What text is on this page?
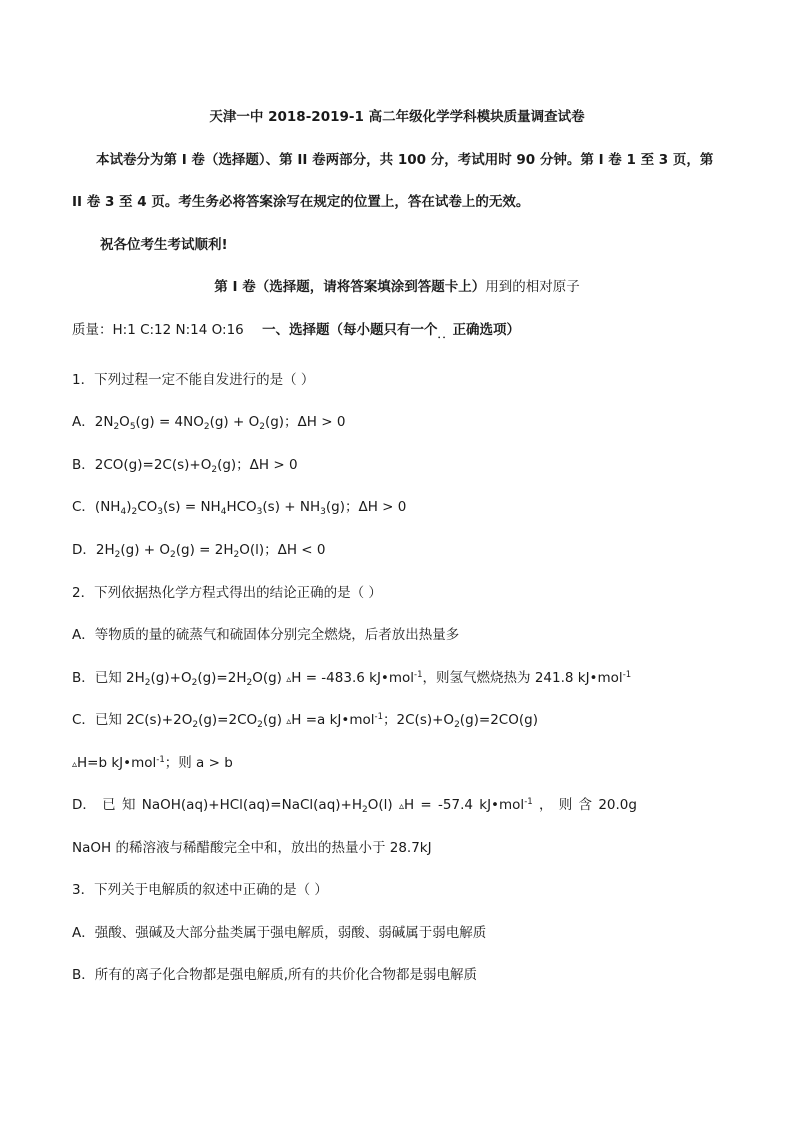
天津一中 2018-2019-1 高二年级化学学科模块质量调查试卷
本试卷分为第 I 卷（选择题）、第 II 卷两部分，共 100 分，考试用时 90 分钟。第 I 卷 1 至 3 页，第
II 卷 3 至 4 页。考生务必将答案涂写在规定的位置上，答在试卷上的无效。
祝各位考生考试顺利!
第 I 卷（选择题，请将答案填涂到答题卡上）用到的相对原子
质量：H:1 C:12 N:14 O:16 一、选择题（每小题只有一个$_{..}$正确选项）
1．下列过程一定不能自发进行的是（ ）
A．$2N_2O_5(g) = 4NO_2(g) + O_2(g)$；ΔH > 0
B．$2CO(g)=2C(s)+O_2(g)$；ΔH > 0
C．$(NH_4)_2CO_3(s) = NH_4HCO_3(s) + NH_3(g)$；ΔH > 0
D．$2H_2(g) + O_2(g) = 2H_2O(l)$；ΔH < 0
2．下列依据热化学方程式得出的结论正确的是（ ）
A．等物质的量的硫蒸气和硫固体分别完全燃烧，后者放出热量多
B．已知 $2H_2(g)+O_2(g)=2H_2O(g)$ ▵H = -483.6 kJ•mol$^{-1}$，则氢气燃烧热为 241.8 kJ•mol$^{-1}$
C．已知 $2C(s)+2O_2(g)=2CO_2(g)$ ▵H =a kJ•mol$^{-1}$；$2C(s)+O_2(g)=2CO(g)$
▵H=b kJ•mol$^{-1}$；则 a > b
D． 已 知 $NaOH(aq)+HCl(aq)=NaCl(aq)+H_2O(l)$ ▵H = -57.4 kJ•mol$^{-1}$ ， 则 含 20.0g
NaOH 的稀溶液与稀醋酸完全中和，放出的热量小于 28.7kJ
3．下列关于电解质的叙述中正确的是（ ）
A．强酸、强碱及大部分盐类属于强电解质，弱酸、弱碱属于弱电解质
B．所有的离子化合物都是强电解质,所有的共价化合物都是弱电解质
